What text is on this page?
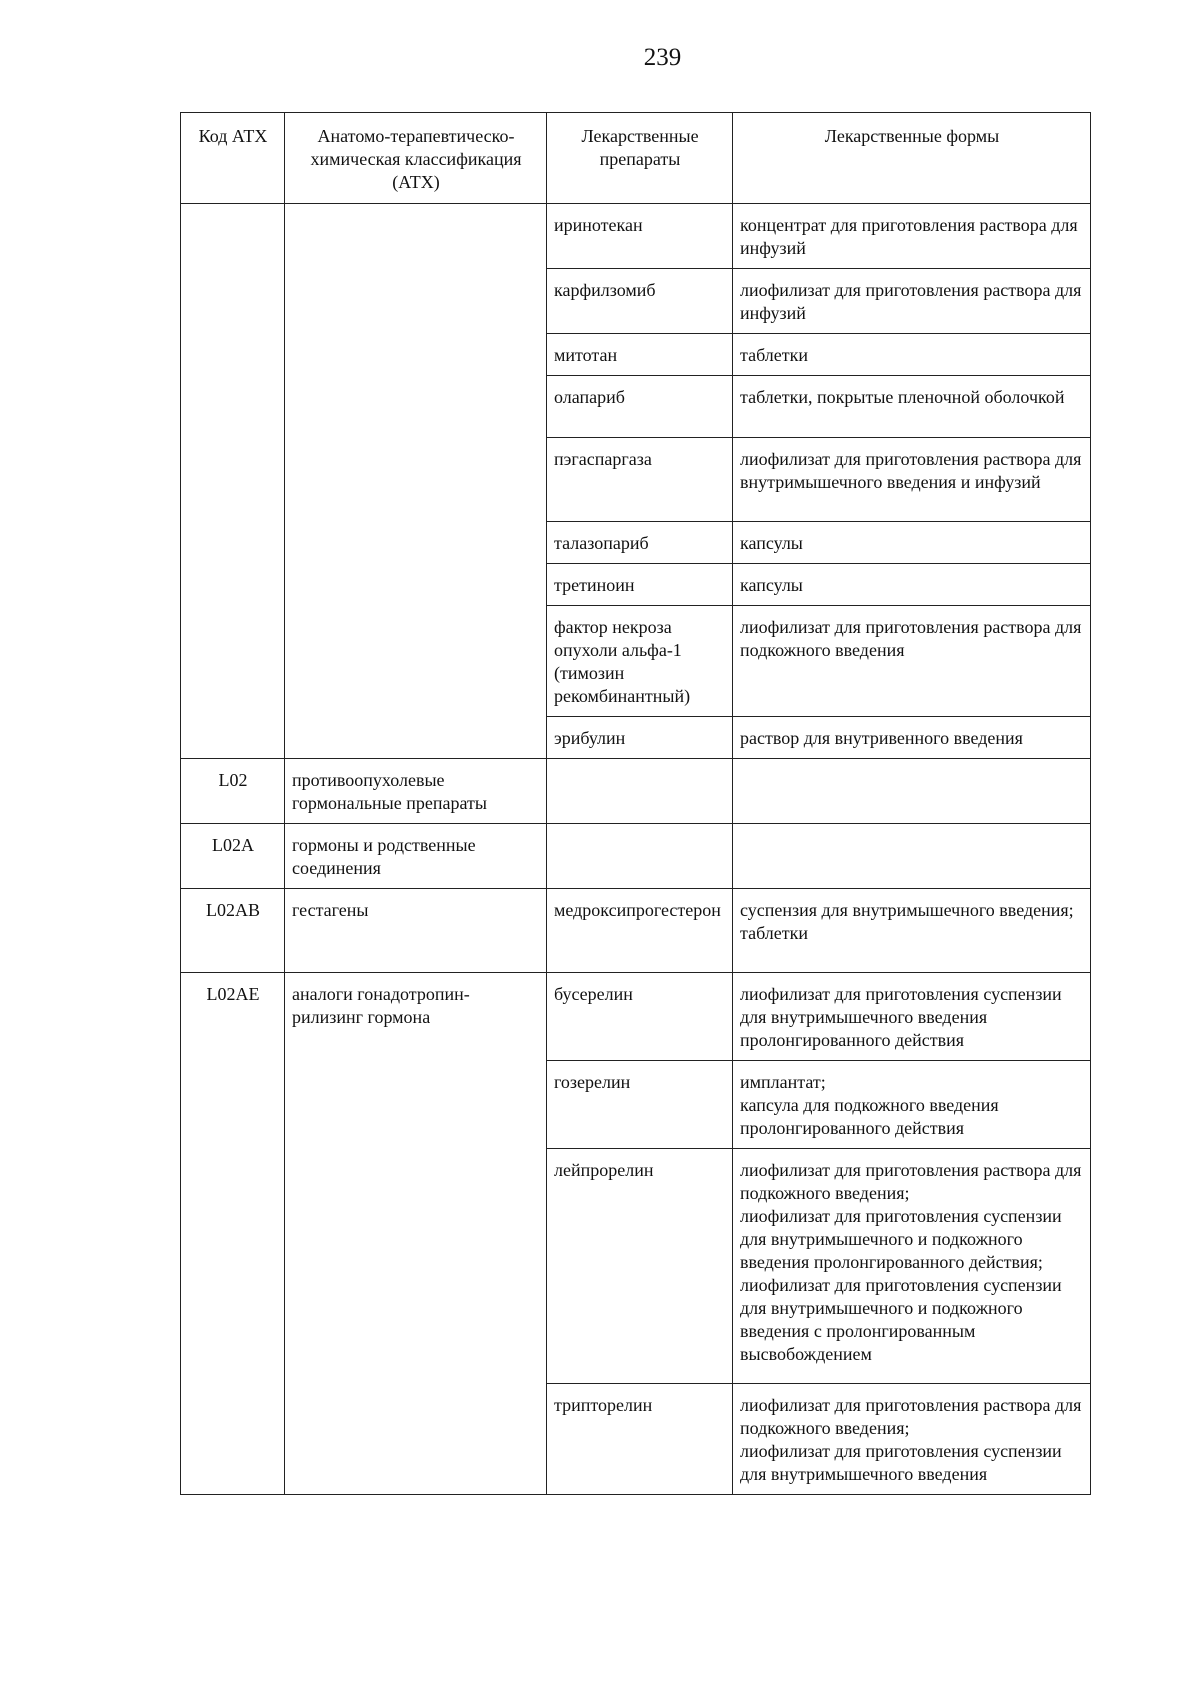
239
Код АТХ	Анатомо-терапевтическо-химическая классификация (АТХ)	Лекарственные препараты	Лекарственные формы
		иринотекан	концентрат для приготовления раствора для инфузий

		карфилзомиб	лиофилизат для приготовления раствора для инфузий

		митотан	таблетки

		олапариб	таблетки, покрытые пленочной оболочкой

		пэгаспаргаза	лиофилизат для приготовления раствора для внутримышечного введения и инфузий

		талазопариб	капсулы

		третиноин	капсулы

		фактор некроза опухоли альфа-1 (тимозин рекомбинантный)	лиофилизат для приготовления раствора для подкожного введения

		эрибулин	раствор для внутривенного введения

L02	противоопухолевые гормональные препараты		
L02A	гормоны и родственные соединения		
L02AB	гестагены	медроксипрогестерон	суспензия для внутримышечного введения;
таблетки

L02AE	аналоги гонадотропин-рилизинг гормона	бусерелин	лиофилизат для приготовления суспензии для внутримышечного введения пролонгированного действия

		гозерелин	имплантат;
капсула для подкожного введения пролонгированного действия

		лейпрорелин	лиофилизат для приготовления раствора для подкожного введения;
лиофилизат для приготовления суспензии для внутримышечного и подкожного введения пролонгированного действия;
лиофилизат для приготовления суспензии для внутримышечного и подкожного введения с пролонгированным высвобождением

		трипторелин	лиофилизат для приготовления раствора для подкожного введения;
лиофилизат для приготовления суспензии для внутримышечного введения
